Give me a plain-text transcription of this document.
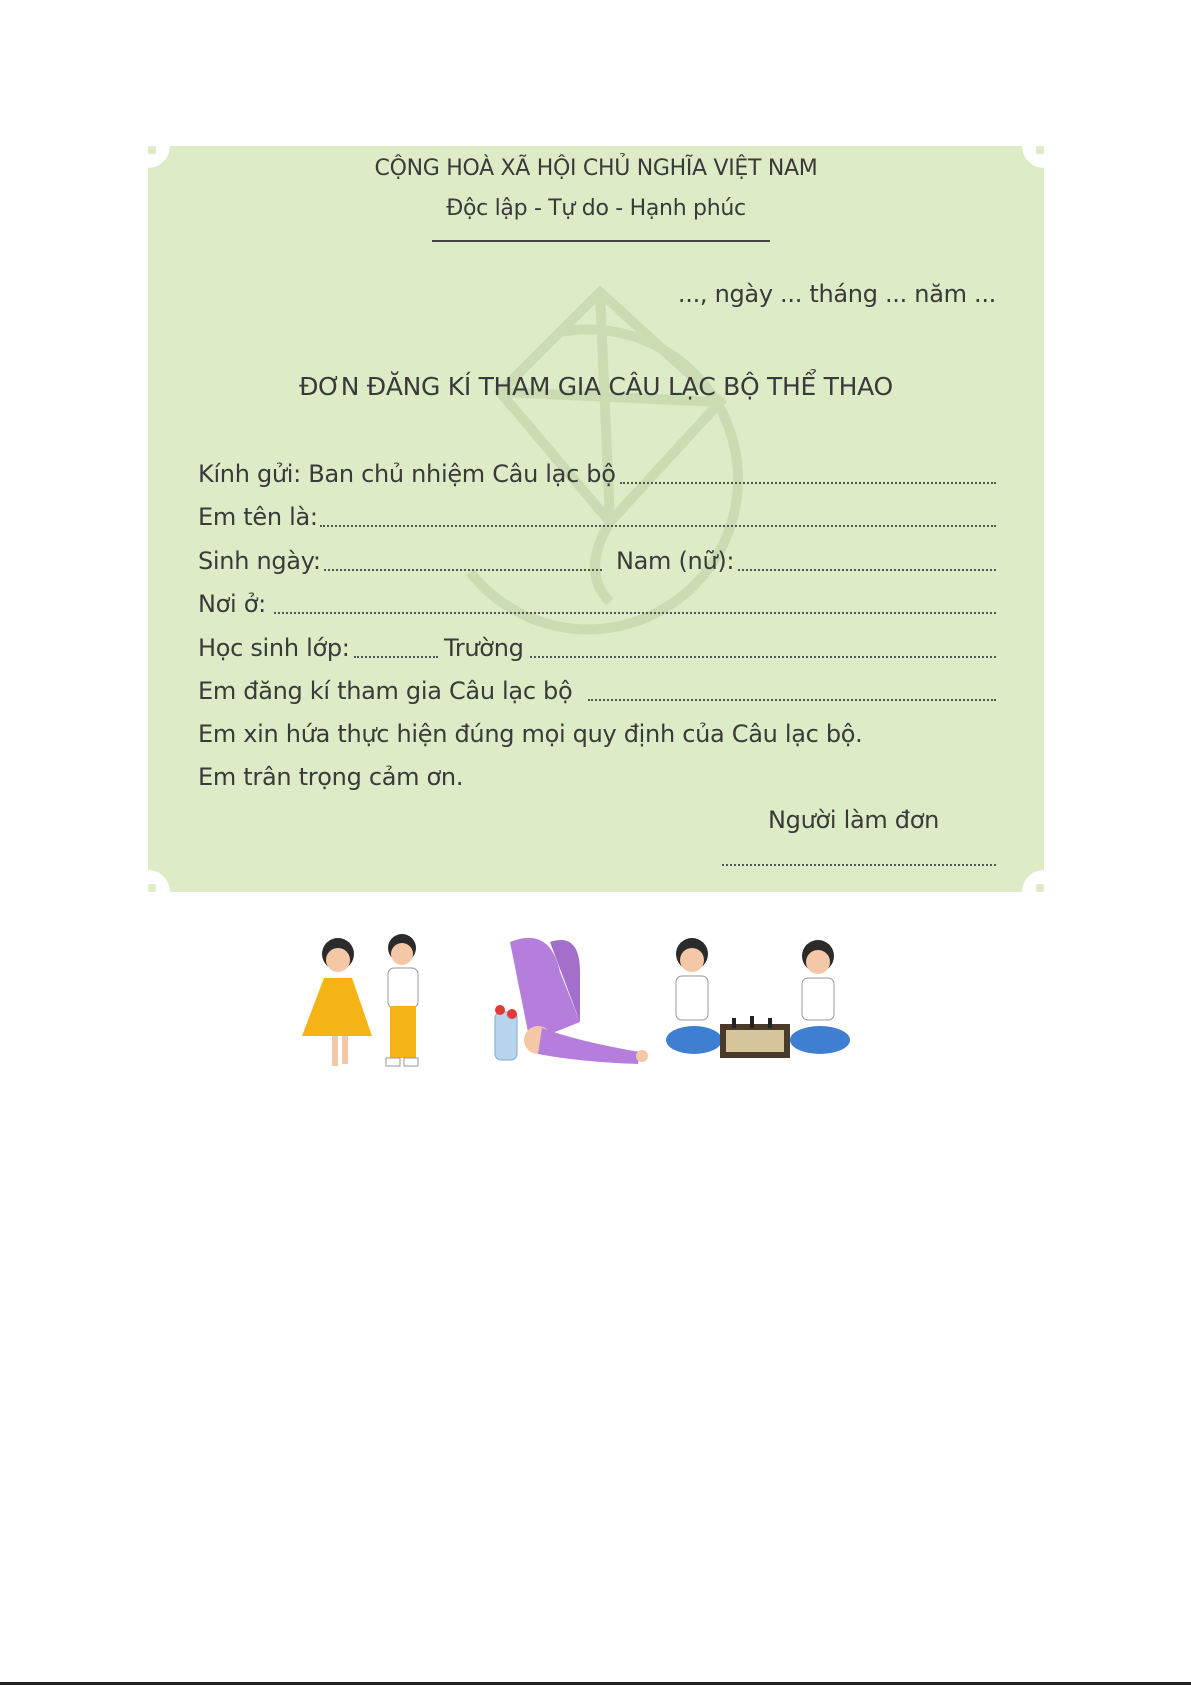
CỘNG HOÀ XÃ HỘI CHỦ NGHĨA VIỆT NAM
Độc lập - Tự do - Hạnh phúc
..., ngày ... tháng ... năm ...
ĐƠN ĐĂNG KÍ THAM GIA CÂU LẠC BỘ THỂ THAO
Kính gửi: Ban chủ nhiệm Câu lạc bộ
Em tên là:
Sinh ngày:	Nam (nữ):
Nơi ở:
Học sinh lớp:	Trường
Em đăng kí tham gia Câu lạc bộ
Em xin hứa thực hiện đúng mọi quy định của Câu lạc bộ.
Em trân trọng cảm ơn.
Người làm đơn
